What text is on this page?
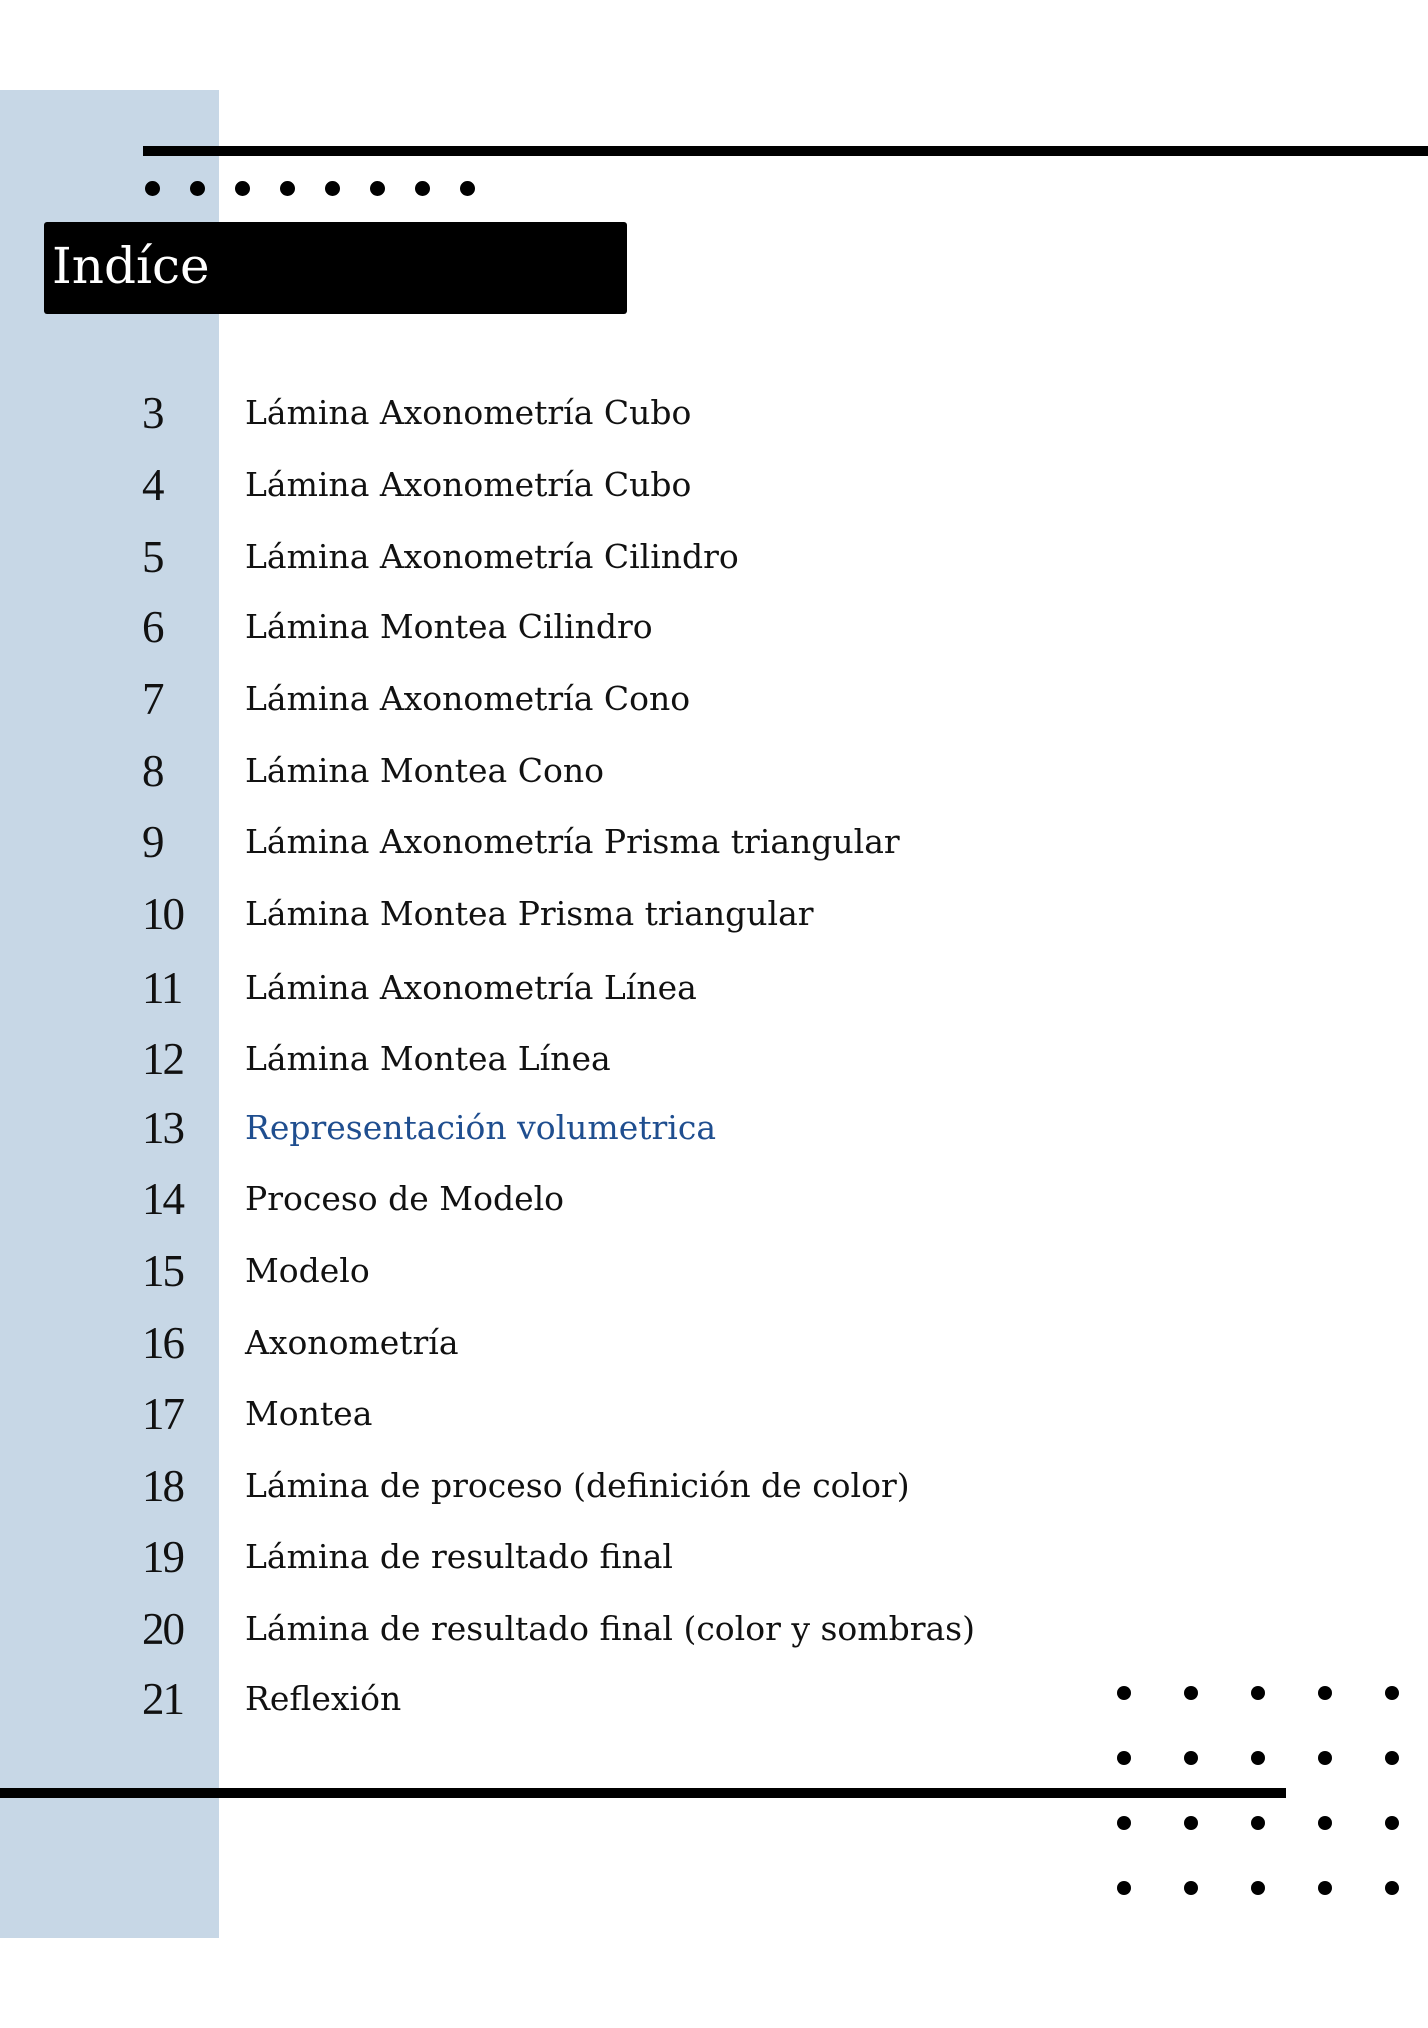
Indíce
3	Lámina Axonometría Cubo
4	Lámina Axonometría Cubo
5	Lámina Axonometría Cilindro
6	Lámina Montea Cilindro
7	Lámina Axonometría Cono
8	Lámina Montea Cono
9	Lámina Axonometría Prisma triangular
10 Lámina Montea Prisma triangular
11 Lámina Axonometría Línea
12 Lámina Montea Línea
13 Representación volumetrica
14 Proceso de Modelo
15 Modelo
16 Axonometría
17 Montea
18 Lámina de proceso (definición de color)
19 Lámina de resultado final
20 Lámina de resultado final (color y sombras)
21 Reflexión
